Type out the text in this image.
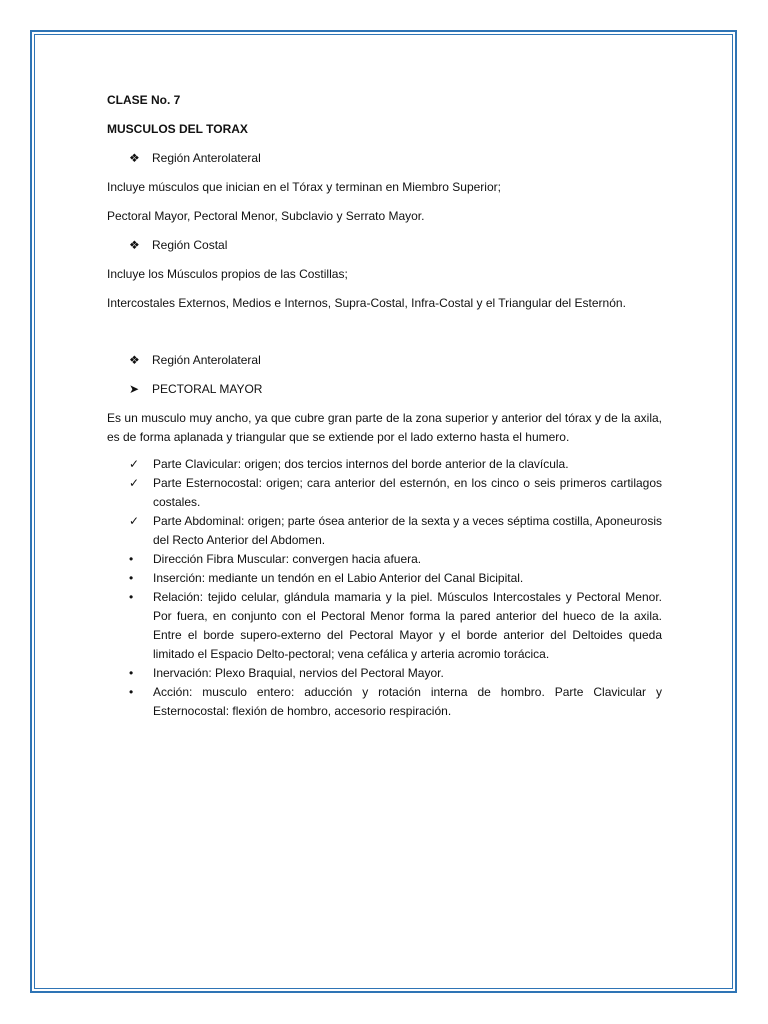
CLASE No. 7

MUSCULOS DEL TORAX

❖	Región Anterolateral

Incluye músculos que inician en el Tórax y terminan en Miembro Superior;

Pectoral Mayor, Pectoral Menor, Subclavio y Serrato Mayor.

❖	Región Costal

Incluye los Músculos propios de las Costillas;

Intercostales Externos, Medios e Internos, Supra-Costal, Infra-Costal y el Triangular del Esternón.

❖	Región Anterolateral
➤	PECTORAL MAYOR

Es un musculo muy ancho, ya que cubre gran parte de la zona superior y anterior del tórax y de la axila, es de forma aplanada y triangular que se extiende por el lado externo hasta el humero.

✓	Parte Clavicular: origen; dos tercios internos del borde anterior de la clavícula.
✓	Parte Esternocostal: origen; cara anterior del esternón, en los cinco o seis primeros cartilagos costales.
✓	Parte Abdominal: origen; parte ósea anterior de la sexta y a veces séptima costilla, Aponeurosis del Recto Anterior del Abdomen.
•	Dirección Fibra Muscular: convergen hacia afuera.
•	Inserción: mediante un tendón en el Labio Anterior del Canal Bicipital.
•	Relación: tejido celular, glándula mamaria y la piel. Músculos Intercostales y Pectoral Menor. Por fuera, en conjunto con el Pectoral Menor forma la pared anterior del hueco de la axila. Entre el borde supero-externo del Pectoral Mayor y el borde anterior del Deltoides queda limitado el Espacio Delto-pectoral; vena cefálica y arteria acromio torácica.
•	Inervación: Plexo Braquial, nervios del Pectoral Mayor.
•	Acción: musculo entero: aducción y rotación interna de hombro. Parte Clavicular y Esternocostal: flexión de hombro, accesorio respiración.
